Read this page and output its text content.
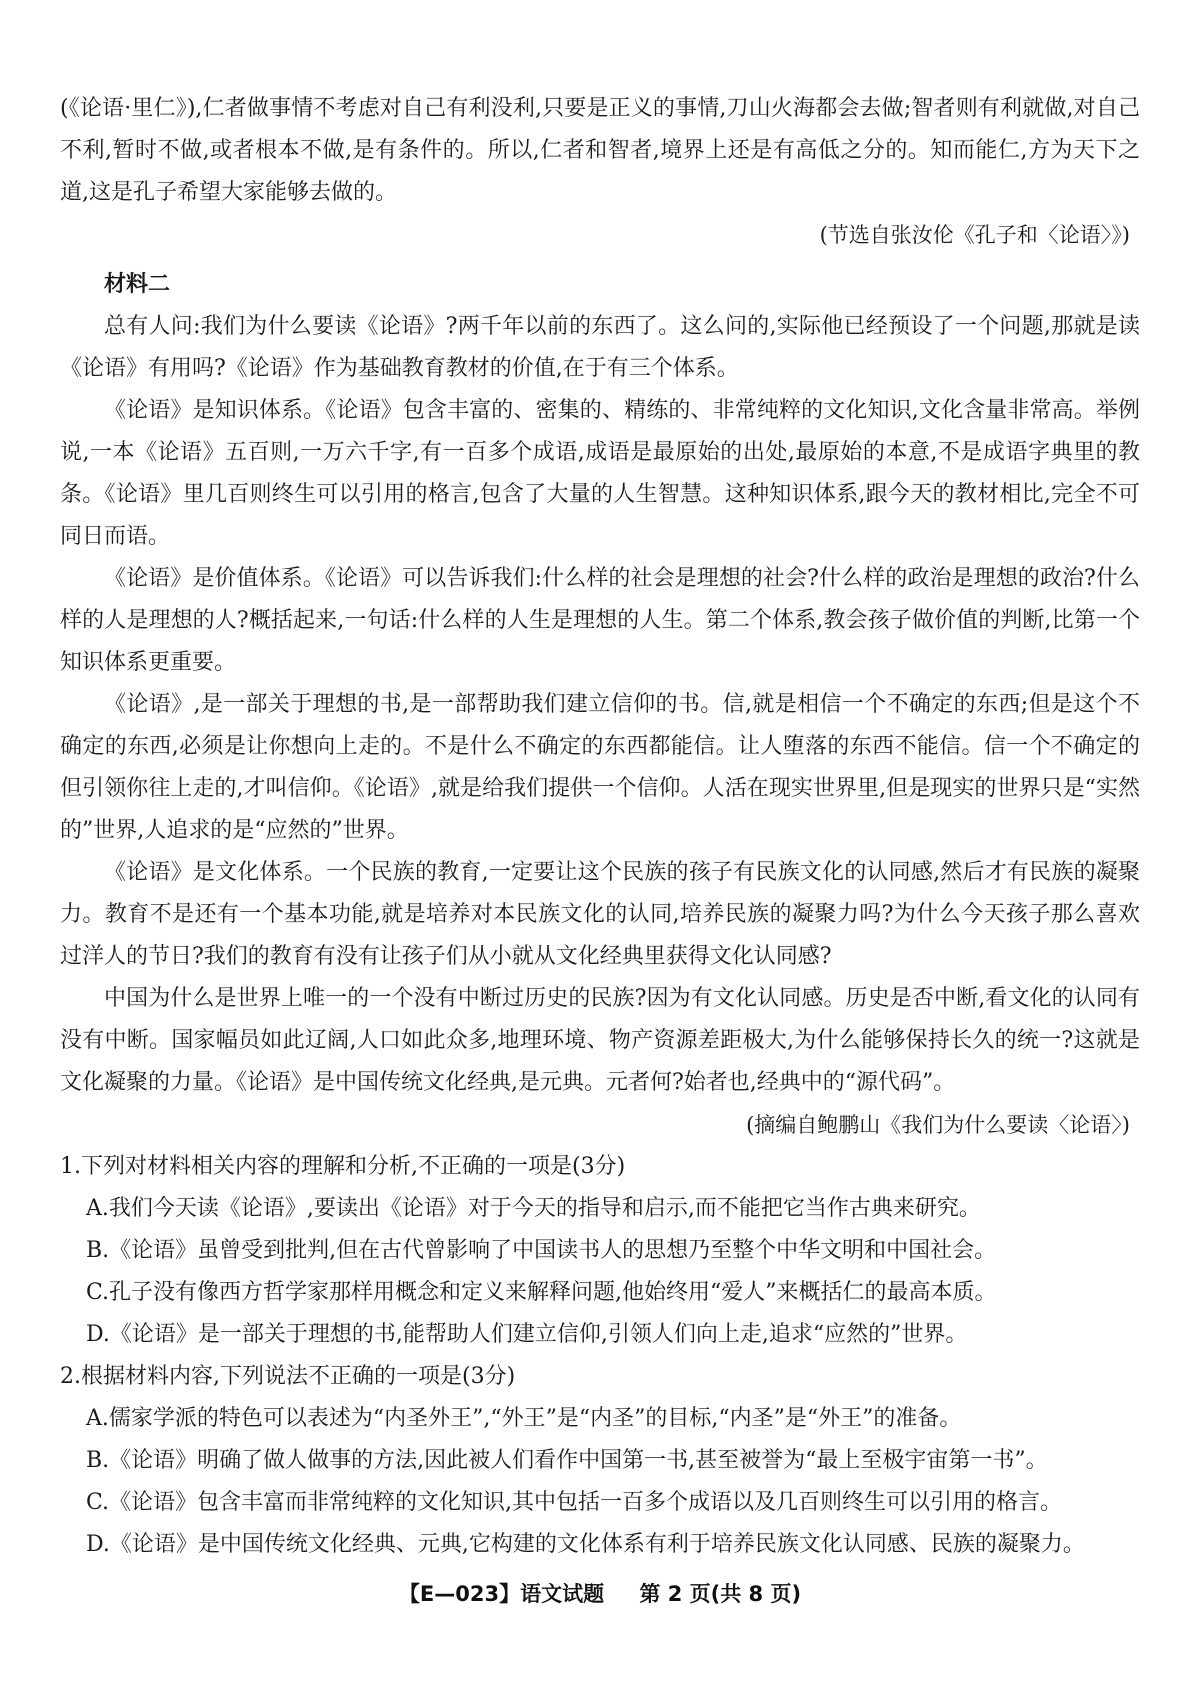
(《论语·里仁》),仁者做事情不考虑对自己有利没利,只要是正义的事情,刀山火海都会去做;智者则有利就做,对自己不利,暂时不做,或者根本不做,是有条件的。所以,仁者和智者,境界上还是有高低之分的。知而能仁,方为天下之道,这是孔子希望大家能够去做的。

(节选自张汝伦《孔子和〈论语〉》)

材料二

总有人问:我们为什么要读《论语》?两千年以前的东西了。这么问的,实际他已经预设了一个问题,那就是读《论语》有用吗?《论语》作为基础教育教材的价值,在于有三个体系。

《论语》是知识体系。《论语》包含丰富的、密集的、精练的、非常纯粹的文化知识,文化含量非常高。举例说,一本《论语》五百则,一万六千字,有一百多个成语,成语是最原始的出处,最原始的本意,不是成语字典里的教条。《论语》里几百则终生可以引用的格言,包含了大量的人生智慧。这种知识体系,跟今天的教材相比,完全不可同日而语。

《论语》是价值体系。《论语》可以告诉我们:什么样的社会是理想的社会?什么样的政治是理想的政治?什么样的人是理想的人?概括起来,一句话:什么样的人生是理想的人生。第二个体系,教会孩子做价值的判断,比第一个知识体系更重要。

《论语》,是一部关于理想的书,是一部帮助我们建立信仰的书。信,就是相信一个不确定的东西;但是这个不确定的东西,必须是让你想向上走的。不是什么不确定的东西都能信。让人堕落的东西不能信。信一个不确定的但引领你往上走的,才叫信仰。《论语》,就是给我们提供一个信仰。人活在现实世界里,但是现实的世界只是“实然的”世界,人追求的是“应然的”世界。

《论语》是文化体系。一个民族的教育,一定要让这个民族的孩子有民族文化的认同感,然后才有民族的凝聚力。教育不是还有一个基本功能,就是培养对本民族文化的认同,培养民族的凝聚力吗?为什么今天孩子那么喜欢过洋人的节日?我们的教育有没有让孩子们从小就从文化经典里获得文化认同感?

中国为什么是世界上唯一的一个没有中断过历史的民族?因为有文化认同感。历史是否中断,看文化的认同有没有中断。国家幅员如此辽阔,人口如此众多,地理环境、物产资源差距极大,为什么能够保持长久的统一?这就是文化凝聚的力量。《论语》是中国传统文化经典,是元典。元者何?始者也,经典中的“源代码”。

(摘编自鲍鹏山《我们为什么要读〈论语〉)

1.下列对材料相关内容的理解和分析,不正确的一项是(3分)

A.我们今天读《论语》,要读出《论语》对于今天的指导和启示,而不能把它当作古典来研究。

B.《论语》虽曾受到批判,但在古代曾影响了中国读书人的思想乃至整个中华文明和中国社会。

C.孔子没有像西方哲学家那样用概念和定义来解释问题,他始终用“爱人”来概括仁的最高本质。

D.《论语》是一部关于理想的书,能帮助人们建立信仰,引领人们向上走,追求“应然的”世界。

2.根据材料内容,下列说法不正确的一项是(3分)

A.儒家学派的特色可以表述为“内圣外王”,“外王”是“内圣”的目标,“内圣”是“外王”的准备。

B.《论语》明确了做人做事的方法,因此被人们看作中国第一书,甚至被誉为“最上至极宇宙第一书”。

C.《论语》包含丰富而非常纯粹的文化知识,其中包括一百多个成语以及几百则终生可以引用的格言。

D.《论语》是中国传统文化经典、元典,它构建的文化体系有利于培养民族文化认同感、民族的凝聚力。

【E—023】语文试题 第 2 页(共 8 页)
